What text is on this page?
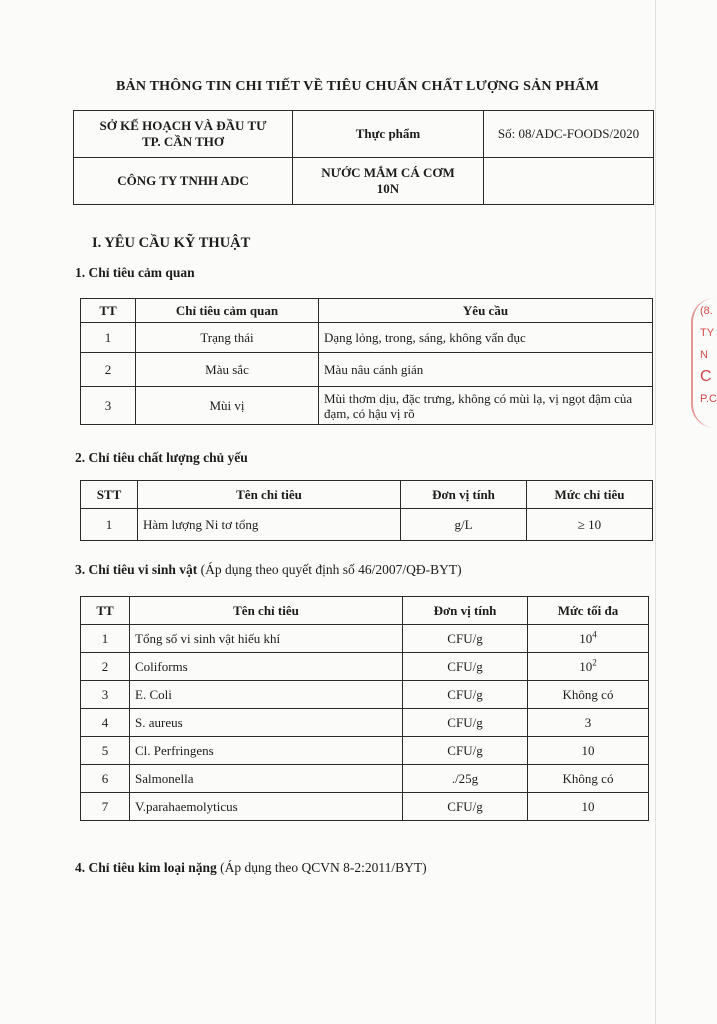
BẢN THÔNG TIN CHI TIẾT VỀ TIÊU CHUẨN CHẤT LƯỢNG SẢN PHẨM
SỞ KẾ HOẠCH VÀ ĐẦU TƯ TP. CẦN THƠ	Thực phẩm	Số: 08/ADC-FOODS/2020
CÔNG TY TNHH ADC	NƯỚC MẮM CÁ CƠM 10N	
I. YÊU CẦU KỸ THUẬT
1. Chỉ tiêu cảm quan
TT	Chỉ tiêu cảm quan	Yêu cầu
1	Trạng thái	Dạng lỏng, trong, sáng, không vẩn đục
2	Màu sắc	Màu nâu cánh gián
3	Mùi vị	Mùi thơm dịu, đặc trưng, không có mùi lạ, vị ngọt đậm của đạm, có hậu vị rõ
2. Chỉ tiêu chất lượng chủ yếu
STT	Tên chỉ tiêu	Đơn vị tính	Mức chỉ tiêu
1	Hàm lượng Ni tơ tổng	g/L	≥ 10
3. Chỉ tiêu vi sinh vật (Áp dụng theo quyết định số 46/2007/QĐ-BYT)
TT	Tên chỉ tiêu	Đơn vị tính	Mức tối đa
1	Tổng số vi sinh vật hiếu khí	CFU/g	$10^4$
2	Coliforms	CFU/g	$10^2$
3	E. Coli	CFU/g	Không có
4	S. aureus	CFU/g	3
5	Cl. Perfringens	CFU/g	10
6	Salmonella	./25g	Không có
7	V.parahaemolyticus	CFU/g	10
4. Chỉ tiêu kim loại nặng (Áp dụng theo QCVN 8-2:2011/BYT)
(8.
TY
N
C
P.C
